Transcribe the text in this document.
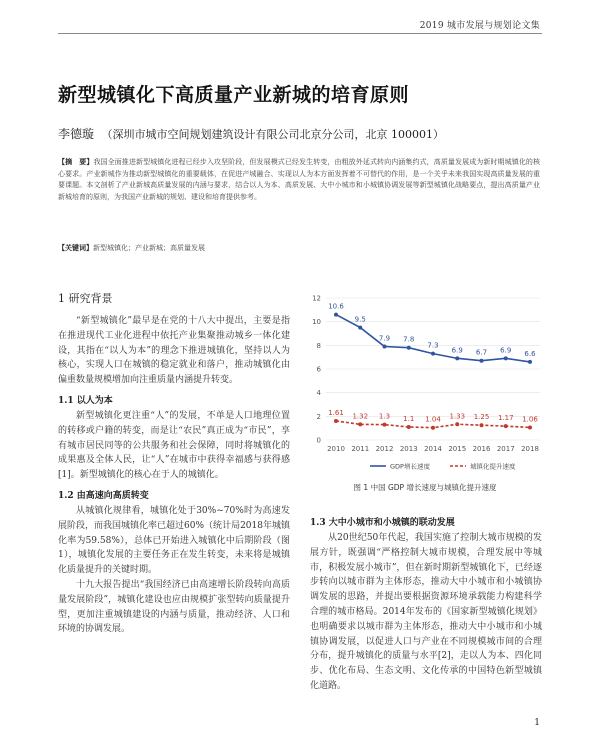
2019 城市发展与规划论文集
新型城镇化下高质量产业新城的培育原则
李德璇 （深圳市城市空间规划建筑设计有限公司北京分公司，北京 100001）
【摘　要】我国全面推进新型城镇化进程已经步入攻坚阶段，但发展模式已经发生转变，由粗放外延式转向内涵集约式，高质量发展成为新时期城镇化的核心要求。产业新城作为推动新型城镇化的重要载体，在促进产城融合、实现以人为本方面发挥着不可替代的作用，是一个关乎未来我国实现高质量发展的重要课题。本文剖析了产业新城高质量发展的内涵与要求，结合以人为本、高质发展、大中小城市和小城镇协调发展等新型城镇化战略要点，提出高质量产业新城培育的原则，为我国产业新城的规划、建设和培育提供参考。
【关键词】新型城镇化；产业新城；高质量发展
1 研究背景

“新型城镇化”最早是在党的十八大中提出，主要是指在推进现代工业化进程中依托产业集聚推动城乡一体化建设，其指在“以人为本”的理念下推进城镇化，坚持以人为核心，实现人口在城镇的稳定就业和落户，推动城镇化由偏重数量规模增加向注重质量内涵提升转变。

1.1 以人为本

新型城镇化更注重“人”的发展，不单是人口地理位置的转移或户籍的转变，而是让“农民”真正成为“市民”，享有城市居民同等的公共服务和社会保障，同时将城镇化的成果惠及全体人民，让“人”在城市中获得幸福感与获得感[1]。新型城镇化的核心在于人的城镇化。

1.2 由高速向高质转变

从城镇化规律看，城镇化处于30%~70%时为高速发展阶段，而我国城镇化率已超过60%（统计局2018年城镇化率为59.58%），总体已开始进入城镇化中后期阶段（图1），城镇化发展的主要任务正在发生转变，未来将是城镇化质量提升的关键时期。

十九大报告提出“我国经济已由高速增长阶段转向高质量发展阶段”，城镇化建设也应由规模扩张型转向质量提升型，更加注重城镇建设的内涵与质量，推动经济、人口和环境的协调发展。

0
2
4
6
8
10
12
2010 2011 2012 2013 2014 2015 2016 2017 2018
10.6
9.5
7.9 7.8
7.3
6.9 6.7 6.9 6.6
1.61 1.32 1.3 1.1 1.04 1.33 1.25 1.17 1.06
GDP增长速度	城镇化提升速度
图 1 中国 GDP 增长速度与城镇化提升速度
1.3 大中小城市和小城镇的联动发展

从20世纪50年代起，我国实施了控制大城市规模的发展方针，既强调“严格控制大城市规模，合理发展中等城市，积极发展小城市”，但在新时期新型城镇化下，已经逐步转向以城市群为主体形态，推动大中小城市和小城镇协调发展的思路，并提出要根据资源环境承载能力构建科学合理的城市格局。2014年发布的《国家新型城镇化规划》也明确要求以城市群为主体形态，推动大中小城市和小城镇协调发展，以促进人口与产业在不同规模城市间的合理分布，提升城镇化的质量与水平[2]，走以人为本、四化同步、优化布局、生态文明、文化传承的中国特色新型城镇化道路。

1
